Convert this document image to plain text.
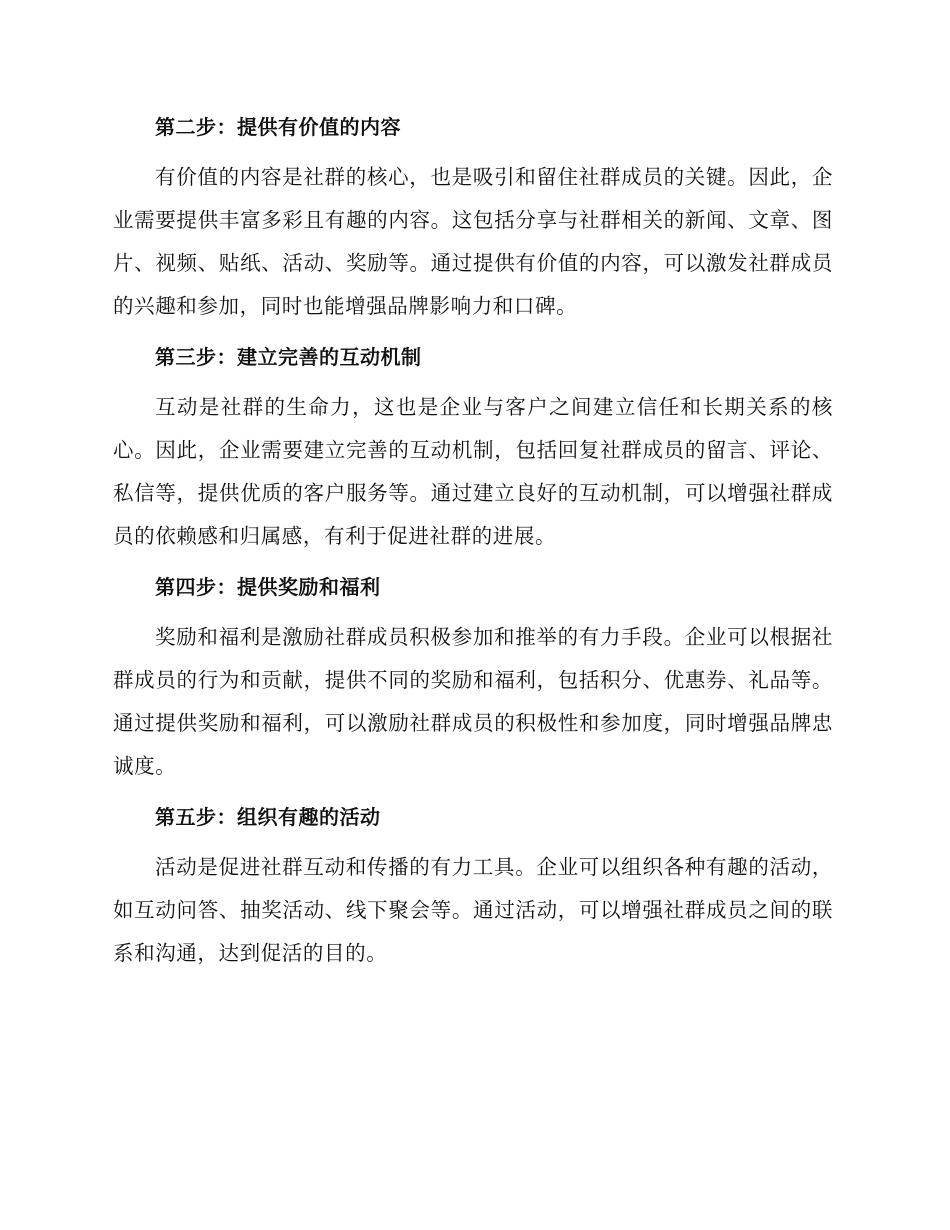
第二步：提供有价值的内容

有价值的内容是社群的核心，也是吸引和留住社群成员的关键。因此，企业需要提供丰富多彩且有趣的内容。这包括分享与社群相关的新闻、文章、图片、视频、贴纸、活动、奖励等。通过提供有价值的内容，可以激发社群成员的兴趣和参加，同时也能增强品牌影响力和口碑。

第三步：建立完善的互动机制

互动是社群的生命力，这也是企业与客户之间建立信任和长期关系的核心。因此，企业需要建立完善的互动机制，包括回复社群成员的留言、评论、私信等，提供优质的客户服务等。通过建立良好的互动机制，可以增强社群成员的依赖感和归属感，有利于促进社群的进展。

第四步：提供奖励和福利

奖励和福利是激励社群成员积极参加和推举的有力手段。企业可以根据社群成员的行为和贡献，提供不同的奖励和福利，包括积分、优惠券、礼品等。通过提供奖励和福利，可以激励社群成员的积极性和参加度，同时增强品牌忠诚度。

第五步：组织有趣的活动

活动是促进社群互动和传播的有力工具。企业可以组织各种有趣的活动，如互动问答、抽奖活动、线下聚会等。通过活动，可以增强社群成员之间的联系和沟通，达到促活的目的。
